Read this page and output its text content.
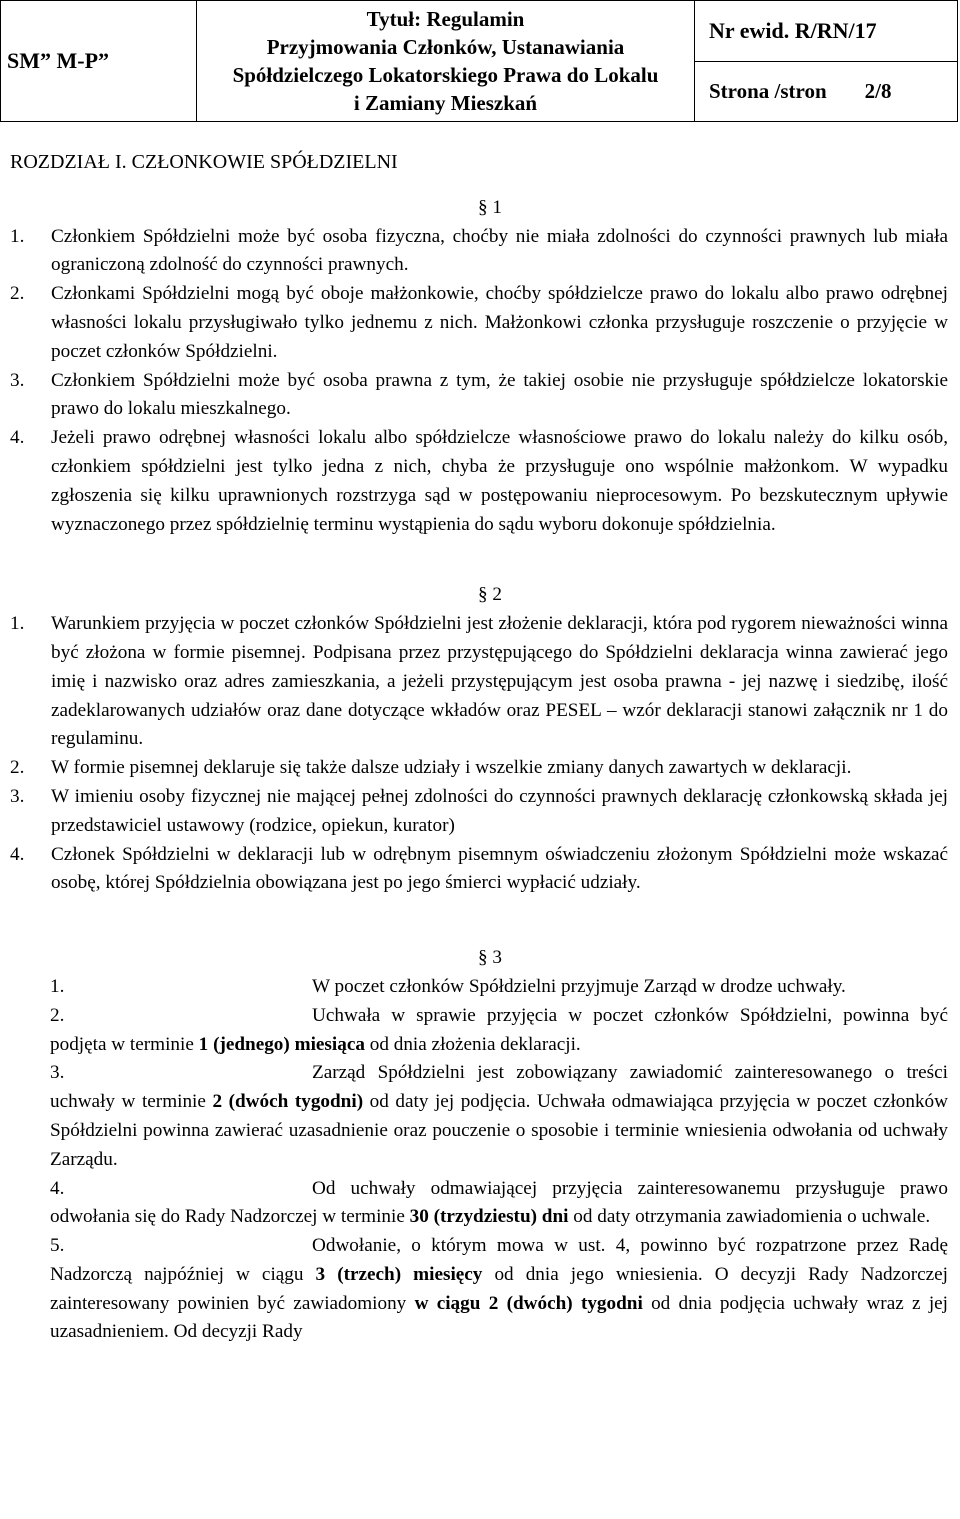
SM” M-P”
Tytuł: Regulamin
Przyjmowania Członków, Ustanawiania
Spółdzielczego Lokatorskiego Prawa do Lokalu
i Zamiany Mieszkań
Nr ewid. R/RN/17
Strona /stron 2/8
ROZDZIAŁ I. CZŁONKOWIE SPÓŁDZIELNI
§ 1
1.	Członkiem Spółdzielni może być osoba fizyczna, choćby nie miała zdolności do czynności prawnych lub miała ograniczoną zdolność do czynności prawnych.
2.	Członkami Spółdzielni mogą być oboje małżonkowie, choćby spółdzielcze prawo do lokalu albo prawo odrębnej własności lokalu przysługiwało tylko jednemu z nich. Małżonkowi członka przysługuje roszczenie o przyjęcie w poczet członków Spółdzielni.
3.	Członkiem Spółdzielni może być osoba prawna z tym, że takiej osobie nie przysługuje spółdzielcze lokatorskie prawo do lokalu mieszkalnego.
4.	Jeżeli prawo odrębnej własności lokalu albo spółdzielcze własnościowe prawo do lokalu należy do kilku osób, członkiem spółdzielni jest tylko jedna z nich, chyba że przysługuje ono wspólnie małżonkom. W wypadku zgłoszenia się kilku uprawnionych rozstrzyga sąd w postępowaniu nieprocesowym. Po bezskutecznym upływie wyznaczonego przez spółdzielnię terminu wystąpienia do sądu wyboru dokonuje spółdzielnia.
§ 2
1.	Warunkiem przyjęcia w poczet członków Spółdzielni jest złożenie deklaracji, która pod rygorem nieważności winna być złożona w formie pisemnej. Podpisana przez przystępującego do Spółdzielni deklaracja winna zawierać jego imię i nazwisko oraz adres zamieszkania, a jeżeli przystępującym jest osoba prawna - jej nazwę i siedzibę, ilość zadeklarowanych udziałów oraz dane dotyczące wkładów oraz PESEL – wzór deklaracji stanowi załącznik nr 1 do regulaminu.
2.	W formie pisemnej deklaruje się także dalsze udziały i wszelkie zmiany danych zawartych w deklaracji.
3.	W imieniu osoby fizycznej nie mającej pełnej zdolności do czynności prawnych deklarację członkowską składa jej przedstawiciel ustawowy (rodzice, opiekun, kurator)
4.	Członek Spółdzielni w deklaracji lub w odrębnym pisemnym oświadczeniu złożonym Spółdzielni może wskazać osobę, której Spółdzielnia obowiązana jest po jego śmierci wypłacić udziały.
§ 3
1.	W poczet członków Spółdzielni przyjmuje Zarząd w drodze uchwały.
2.	Uchwała w sprawie przyjęcia w poczet członków Spółdzielni, powinna być podjęta w terminie 1 (jednego) miesiąca od dnia złożenia deklaracji.
3.	Zarząd Spółdzielni jest zobowiązany zawiadomić zainteresowanego o treści uchwały w terminie 2 (dwóch tygodni) od daty jej podjęcia. Uchwała odmawiająca przyjęcia w poczet członków Spółdzielni powinna zawierać uzasadnienie oraz pouczenie o sposobie i terminie wniesienia odwołania od uchwały Zarządu.
4.	Od uchwały odmawiającej przyjęcia zainteresowanemu przysługuje prawo odwołania się do Rady Nadzorczej w terminie 30 (trzydziestu) dni od daty otrzymania zawiadomienia o uchwale.
5.	Odwołanie, o którym mowa w ust. 4, powinno być rozpatrzone przez Radę Nadzorczą najpóźniej w ciągu 3 (trzech) miesięcy od dnia jego wniesienia. O decyzji Rady Nadzorczej zainteresowany powinien być zawiadomiony w ciągu 2 (dwóch) tygodni od dnia podjęcia uchwały wraz z jej uzasadnieniem. Od decyzji Rady
